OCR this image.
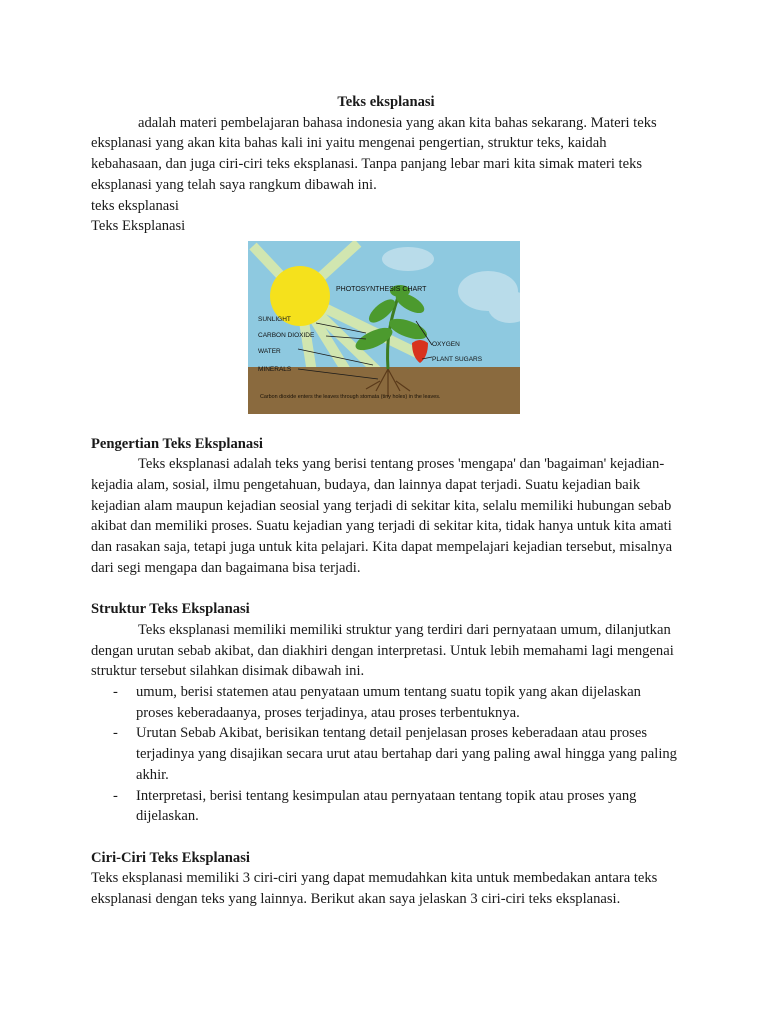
Teks eksplanasi

adalah materi pembelajaran bahasa indonesia yang akan kita bahas sekarang. Materi teks eksplanasi yang akan kita bahas kali ini yaitu mengenai pengertian, struktur teks, kaidah kebahasaan, dan juga ciri-ciri teks eksplanasi. Tanpa panjang lebar mari kita simak materi teks eksplanasi yang telah saya rangkum dibawah ini.

teks eksplanasi

Teks Eksplanasi

PHOTOSYNTHESIS CHART
SUNLIGHT
CARBON DIOXIDE
WATER
MINERALS
OXYGEN
PLANT SUGARS
Carbon dioxide enters the leaves through stomata (tiny holes) in the leaves.

Pengertian Teks Eksplanasi

Teks eksplanasi adalah teks yang berisi tentang proses 'mengapa' dan 'bagaiman' kejadian-kejadia alam, sosial, ilmu pengetahuan, budaya, dan lainnya dapat terjadi. Suatu kejadian baik kejadian alam maupun kejadian seosial yang terjadi di sekitar kita, selalu memiliki hubungan sebab akibat dan memiliki proses. Suatu kejadian yang terjadi di sekitar kita, tidak hanya untuk kita amati dan rasakan saja, tetapi juga untuk kita pelajari. Kita dapat mempelajari kejadian tersebut, misalnya dari segi mengapa dan bagaimana bisa terjadi.

Struktur Teks Eksplanasi

Teks eksplanasi memiliki memiliki struktur yang terdiri dari pernyataan umum, dilanjutkan dengan urutan sebab akibat, dan diakhiri dengan interpretasi. Untuk lebih memahami lagi mengenai struktur tersebut silahkan disimak dibawah ini.

- umum, berisi statemen atau penyataan umum tentang suatu topik yang akan dijelaskan proses keberadaanya, proses terjadinya, atau proses terbentuknya.
- Urutan Sebab Akibat, berisikan tentang detail penjelasan proses keberadaan atau proses terjadinya yang disajikan secara urut atau bertahap dari yang paling awal hingga yang paling akhir.
- Interpretasi, berisi tentang kesimpulan atau pernyataan tentang topik atau proses yang dijelaskan.

Ciri-Ciri Teks Eksplanasi

Teks eksplanasi memiliki 3 ciri-ciri yang dapat memudahkan kita untuk membedakan antara teks eksplanasi dengan teks yang lainnya. Berikut akan saya jelaskan 3 ciri-ciri teks eksplanasi.
